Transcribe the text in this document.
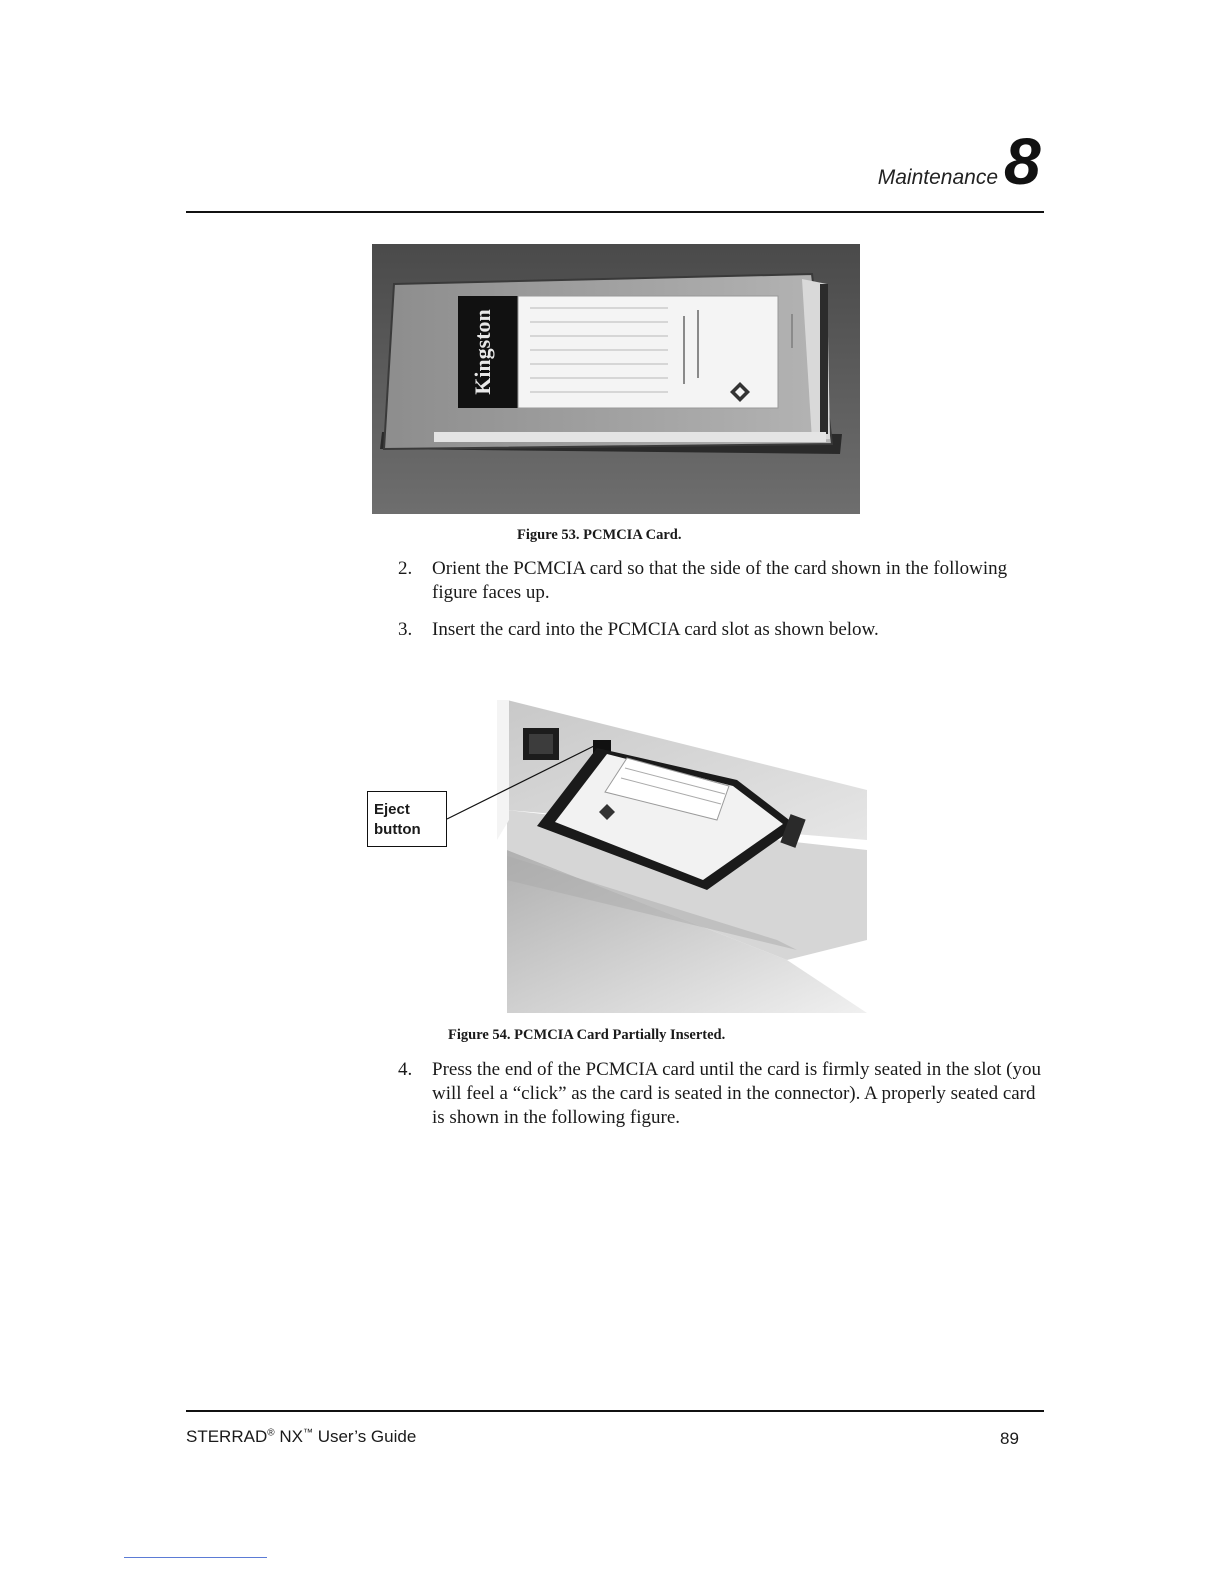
Maintenance 8
Kingston
Figure 53. PCMCIA Card.
2.	Orient the PCMCIA card so that the side of the card shown in the following figure faces up.
3.	Insert the card into the PCMCIA card slot as shown below.
Eject
button
Figure 54. PCMCIA Card Partially Inserted.
4.	Press the end of the PCMCIA card until the card is firmly seated in the slot (you will feel a “click” as the card is seated in the connector). A properly seated card is shown in the following figure.
STERRAD® NX™ User’s Guide	89
